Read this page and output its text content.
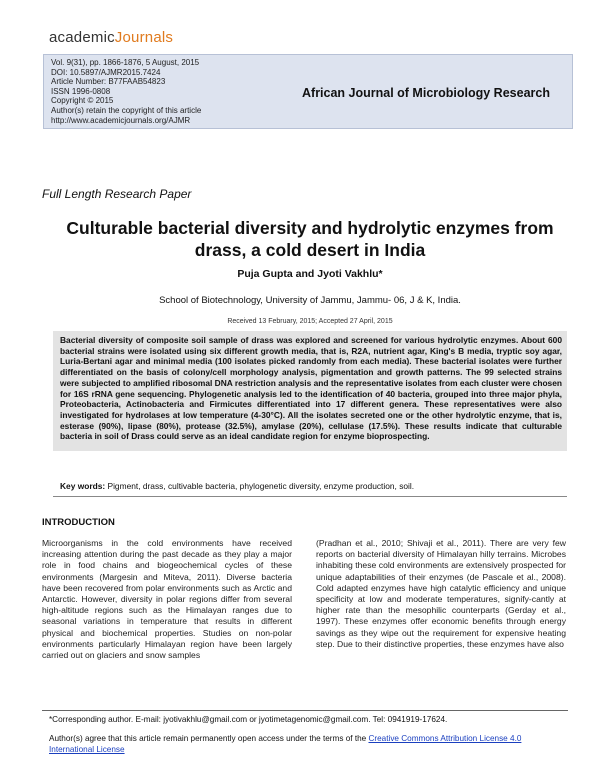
academicJournals
Vol. 9(31), pp. 1866-1876, 5 August, 2015
DOI: 10.5897/AJMR2015.7424
Article Number: B77FAAB54823
ISSN 1996-0808
Copyright © 2015
Author(s) retain the copyright of this article
http://www.academicjournals.org/AJMR
African Journal of Microbiology Research
Full Length Research Paper
Culturable bacterial diversity and hydrolytic enzymes from drass, a cold desert in India
Puja Gupta and Jyoti Vakhlu*
School of Biotechnology, University of Jammu, Jammu- 06, J & K, India.
Received 13 February, 2015; Accepted 27 April, 2015
Bacterial diversity of composite soil sample of drass was explored and screened for various hydrolytic enzymes. About 600 bacterial strains were isolated using six different growth media, that is, R2A, nutrient agar, King's B media, tryptic soy agar, Luria-Bertani agar and minimal media (100 isolates picked randomly from each media). These bacterial isolates were further differentiated on the basis of colony/cell morphology analysis, pigmentation and growth patterns. The 99 selected strains were subjected to amplified ribosomal DNA restriction analysis and the representative isolates from each cluster were chosen for 16S rRNA gene sequencing. Phylogenetic analysis led to the identification of 40 bacteria, grouped into three major phyla, Proteobacteria, Actinobacteria and Firmicutes differentiated into 17 different genera. These representatives were also investigated for hydrolases at low temperature (4-30°C). All the isolates secreted one or the other hydrolytic enzyme, that is, esterase (90%), lipase (80%), protease (32.5%), amylase (20%), cellulase (17.5%). These results indicate that culturable bacteria in soil of Drass could serve as an ideal candidate region for enzyme bioprospecting.
Key words: Pigment, drass, cultivable bacteria, phylogenetic diversity, enzyme production, soil.
INTRODUCTION
Microorganisms in the cold environments have received increasing attention during the past decade as they play a major role in food chains and biogeochemical cycles of these environments (Margesin and Miteva, 2011). Diverse bacteria have been recovered from polar environments such as Arctic and Antarctic. However, diversity in polar regions differ from several high-altitude regions such as the Himalayan ranges due to seasonal variations in temperature that results in different physical and biochemical properties. Studies on non-polar environments particularly Himalayan region have been largely carried out on glaciers and snow samples
(Pradhan et al., 2010; Shivaji et al., 2011). There are very few reports on bacterial diversity of Himalayan hilly terrains. Microbes inhabiting these cold environments are extensively prospected for unique adaptabilities of their enzymes (de Pascale et al., 2008). Cold adapted enzymes have high catalytic efficiency and unique specificity at low and moderate temperatures, signify-cantly at higher rate than the mesophilic counterparts (Gerday et al., 1997). These enzymes offer economic benefits through energy savings as they wipe out the requirement for expensive heating step. Due to their distinctive properties, these enzymes have also
*Corresponding author. E-mail: jyotivakhlu@gmail.com or jyotimetagenomic@gmail.com. Tel: 0941919-17624.
Author(s) agree that this article remain permanently open access under the terms of the Creative Commons Attribution License 4.0 International License
